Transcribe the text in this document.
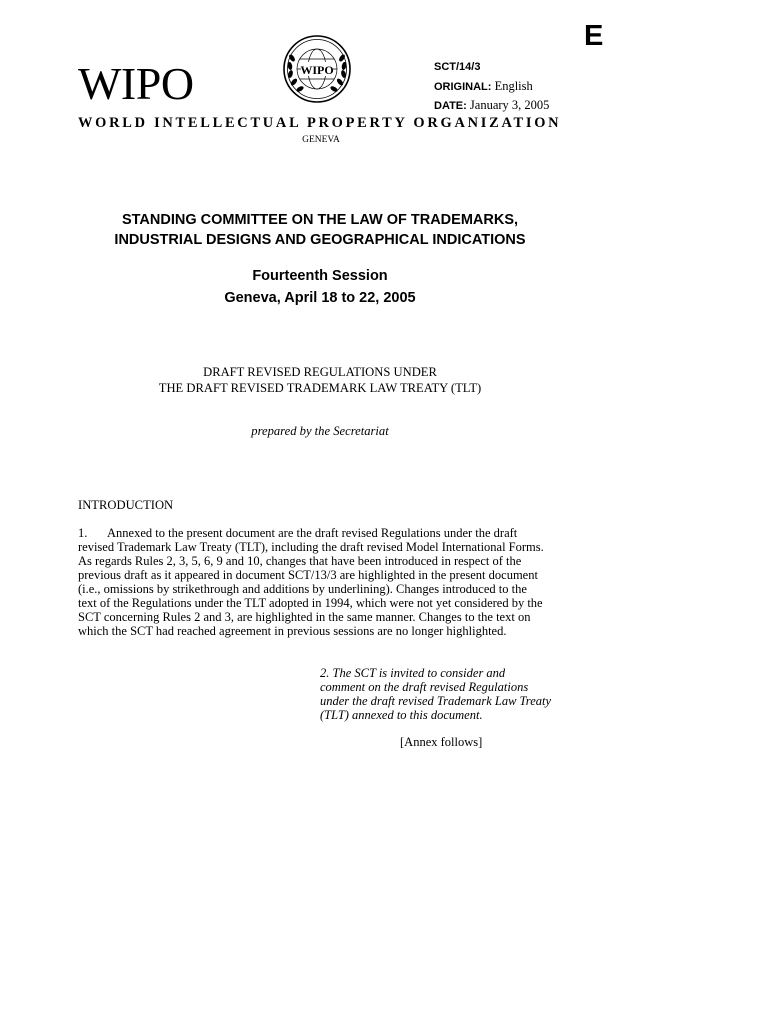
E
WIPO	WIPO	SCT/14/3
ORIGINAL: English
DATE: January 3, 2005
WORLD INTELLECTUAL PROPERTY ORGANIZATION
GENEVA
STANDING COMMITTEE ON THE LAW OF TRADEMARKS,
INDUSTRIAL DESIGNS AND GEOGRAPHICAL INDICATIONS
Fourteenth Session
Geneva, April 18 to 22, 2005
DRAFT REVISED REGULATIONS UNDER
THE DRAFT REVISED TRADEMARK LAW TREATY (TLT)
prepared by the Secretariat
INTRODUCTION
1. Annexed to the present document are the draft revised Regulations under the draft
revised Trademark Law Treaty (TLT), including the draft revised Model International Forms.
As regards Rules 2, 3, 5, 6, 9 and 10, changes that have been introduced in respect of the
previous draft as it appeared in document SCT/13/3 are highlighted in the present document
(i.e., omissions by strikethrough and additions by underlining). Changes introduced to the
text of the Regulations under the TLT adopted in 1994, which were not yet considered by the
SCT concerning Rules 2 and 3, are highlighted in the same manner. Changes to the text on
which the SCT had reached agreement in previous sessions are no longer highlighted.
2. The SCT is invited to consider and
comment on the draft revised Regulations
under the draft revised Trademark Law Treaty
(TLT) annexed to this document.
[Annex follows]
